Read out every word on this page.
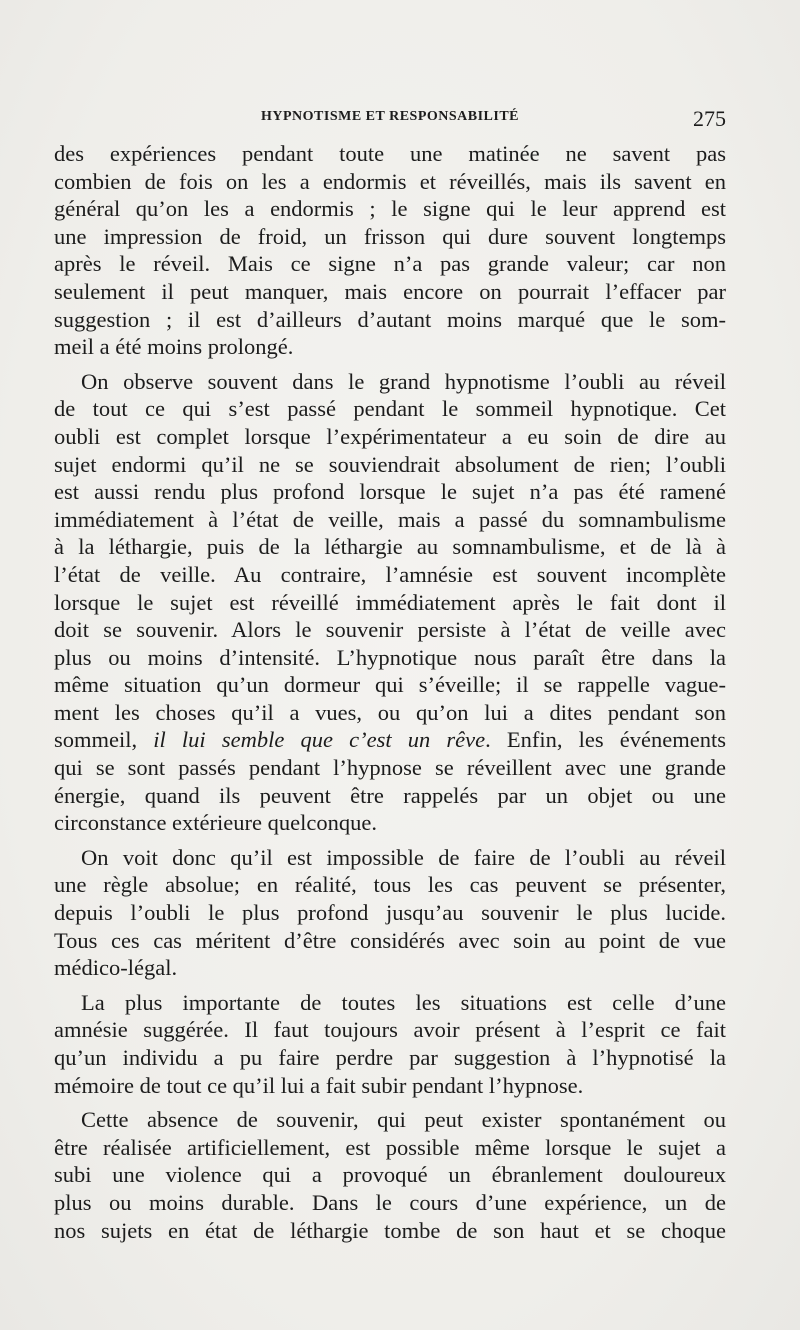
HYPNOTISME ET RESPONSABILITÉ	275
des expériences pendant toute une matinée ne savent pas
combien de fois on les a endormis et réveillés, mais ils savent en
général qu’on les a endormis ; le signe qui le leur apprend est
une impression de froid, un frisson qui dure souvent longtemps
après le réveil. Mais ce signe n’a pas grande valeur; car non
seulement il peut manquer, mais encore on pourrait l’effacer par
suggestion ; il est d’ailleurs d’autant moins marqué que le som-
meil a été moins prolongé.
On observe souvent dans le grand hypnotisme l’oubli au réveil
de tout ce qui s’est passé pendant le sommeil hypnotique. Cet
oubli est complet lorsque l’expérimentateur a eu soin de dire au
sujet endormi qu’il ne se souviendrait absolument de rien; l’oubli
est aussi rendu plus profond lorsque le sujet n’a pas été ramené
immédiatement à l’état de veille, mais a passé du somnambulisme
à la léthargie, puis de la léthargie au somnambulisme, et de là à
l’état de veille. Au contraire, l’amnésie est souvent incomplète
lorsque le sujet est réveillé immédiatement après le fait dont il
doit se souvenir. Alors le souvenir persiste à l’état de veille avec
plus ou moins d’intensité. L’hypnotique nous paraît être dans la
même situation qu’un dormeur qui s’éveille; il se rappelle vague-
ment les choses qu’il a vues, ou qu’on lui a dites pendant son
sommeil, il lui semble que c’est un rêve. Enfin, les événements
qui se sont passés pendant l’hypnose se réveillent avec une grande
énergie, quand ils peuvent être rappelés par un objet ou une
circonstance extérieure quelconque.
On voit donc qu’il est impossible de faire de l’oubli au réveil
une règle absolue; en réalité, tous les cas peuvent se présenter,
depuis l’oubli le plus profond jusqu’au souvenir le plus lucide.
Tous ces cas méritent d’être considérés avec soin au point de vue
médico-légal.
La plus importante de toutes les situations est celle d’une
amnésie suggérée. Il faut toujours avoir présent à l’esprit ce fait
qu’un individu a pu faire perdre par suggestion à l’hypnotisé la
mémoire de tout ce qu’il lui a fait subir pendant l’hypnose.
Cette absence de souvenir, qui peut exister spontanément ou
être réalisée artificiellement, est possible même lorsque le sujet a
subi une violence qui a provoqué un ébranlement douloureux
plus ou moins durable. Dans le cours d’une expérience, un de
nos sujets en état de léthargie tombe de son haut et se choque
